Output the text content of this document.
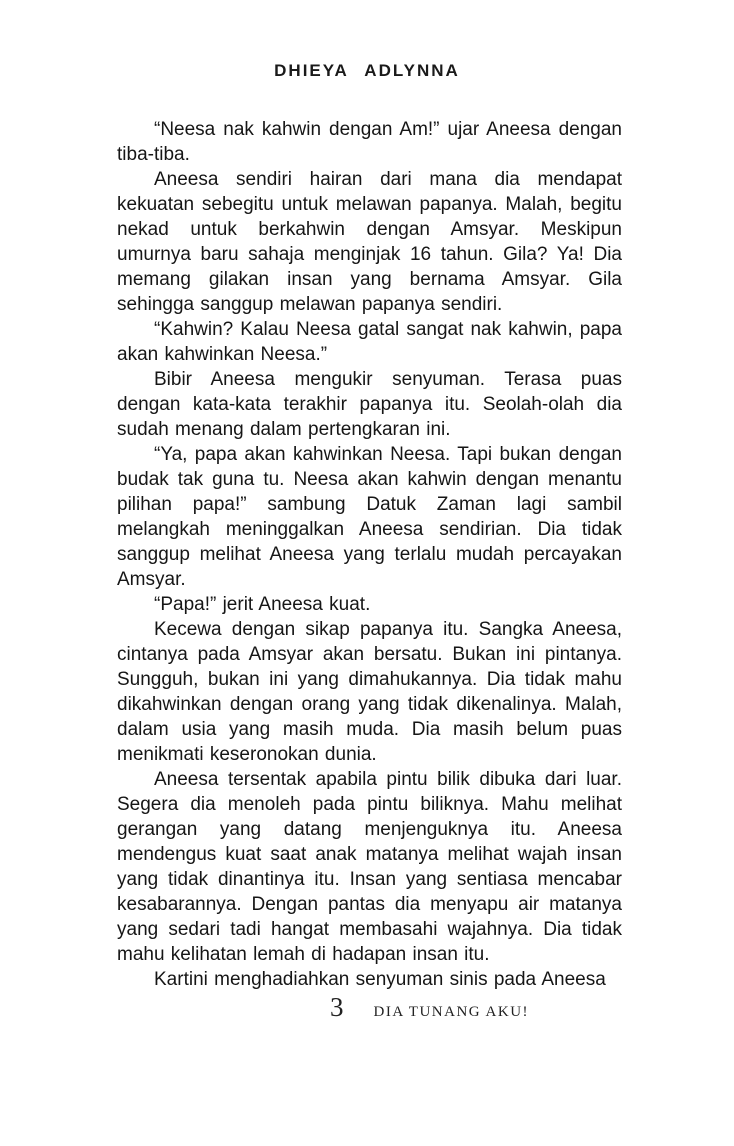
DHIEYA ADLYNNA

“Neesa nak kahwin dengan Am!” ujar Aneesa dengan tiba-tiba.

Aneesa sendiri hairan dari mana dia mendapat kekuatan sebegitu untuk melawan papanya. Malah, begitu nekad untuk berkahwin dengan Amsyar. Meskipun umurnya baru sahaja menginjak 16 tahun. Gila? Ya! Dia memang gilakan insan yang bernama Amsyar. Gila sehingga sanggup melawan papanya sendiri.

“Kahwin? Kalau Neesa gatal sangat nak kahwin, papa akan kahwinkan Neesa.”

Bibir Aneesa mengukir senyuman. Terasa puas dengan kata-kata terakhir papanya itu. Seolah-olah dia sudah menang dalam pertengkaran ini.

“Ya, papa akan kahwinkan Neesa. Tapi bukan dengan budak tak guna tu. Neesa akan kahwin dengan menantu pilihan papa!” sambung Datuk Zaman lagi sambil melangkah meninggalkan Aneesa sendirian. Dia tidak sanggup melihat Aneesa yang terlalu mudah percayakan Amsyar.

“Papa!” jerit Aneesa kuat.

Kecewa dengan sikap papanya itu. Sangka Aneesa, cintanya pada Amsyar akan bersatu. Bukan ini pintanya. Sungguh, bukan ini yang dimahukannya. Dia tidak mahu dikahwinkan dengan orang yang tidak dikenalinya. Malah, dalam usia yang masih muda. Dia masih belum puas menikmati keseronokan dunia.

Aneesa tersentak apabila pintu bilik dibuka dari luar. Segera dia menoleh pada pintu biliknya. Mahu melihat gerangan yang datang menjenguknya itu. Aneesa mendengus kuat saat anak matanya melihat wajah insan yang tidak dinantinya itu. Insan yang sentiasa mencabar kesabarannya. Dengan pantas dia menyapu air matanya yang sedari tadi hangat membasahi wajahnya. Dia tidak mahu kelihatan lemah di hadapan insan itu.

Kartini menghadiahkan senyuman sinis pada Aneesa

3 DIA TUNANG AKU!
